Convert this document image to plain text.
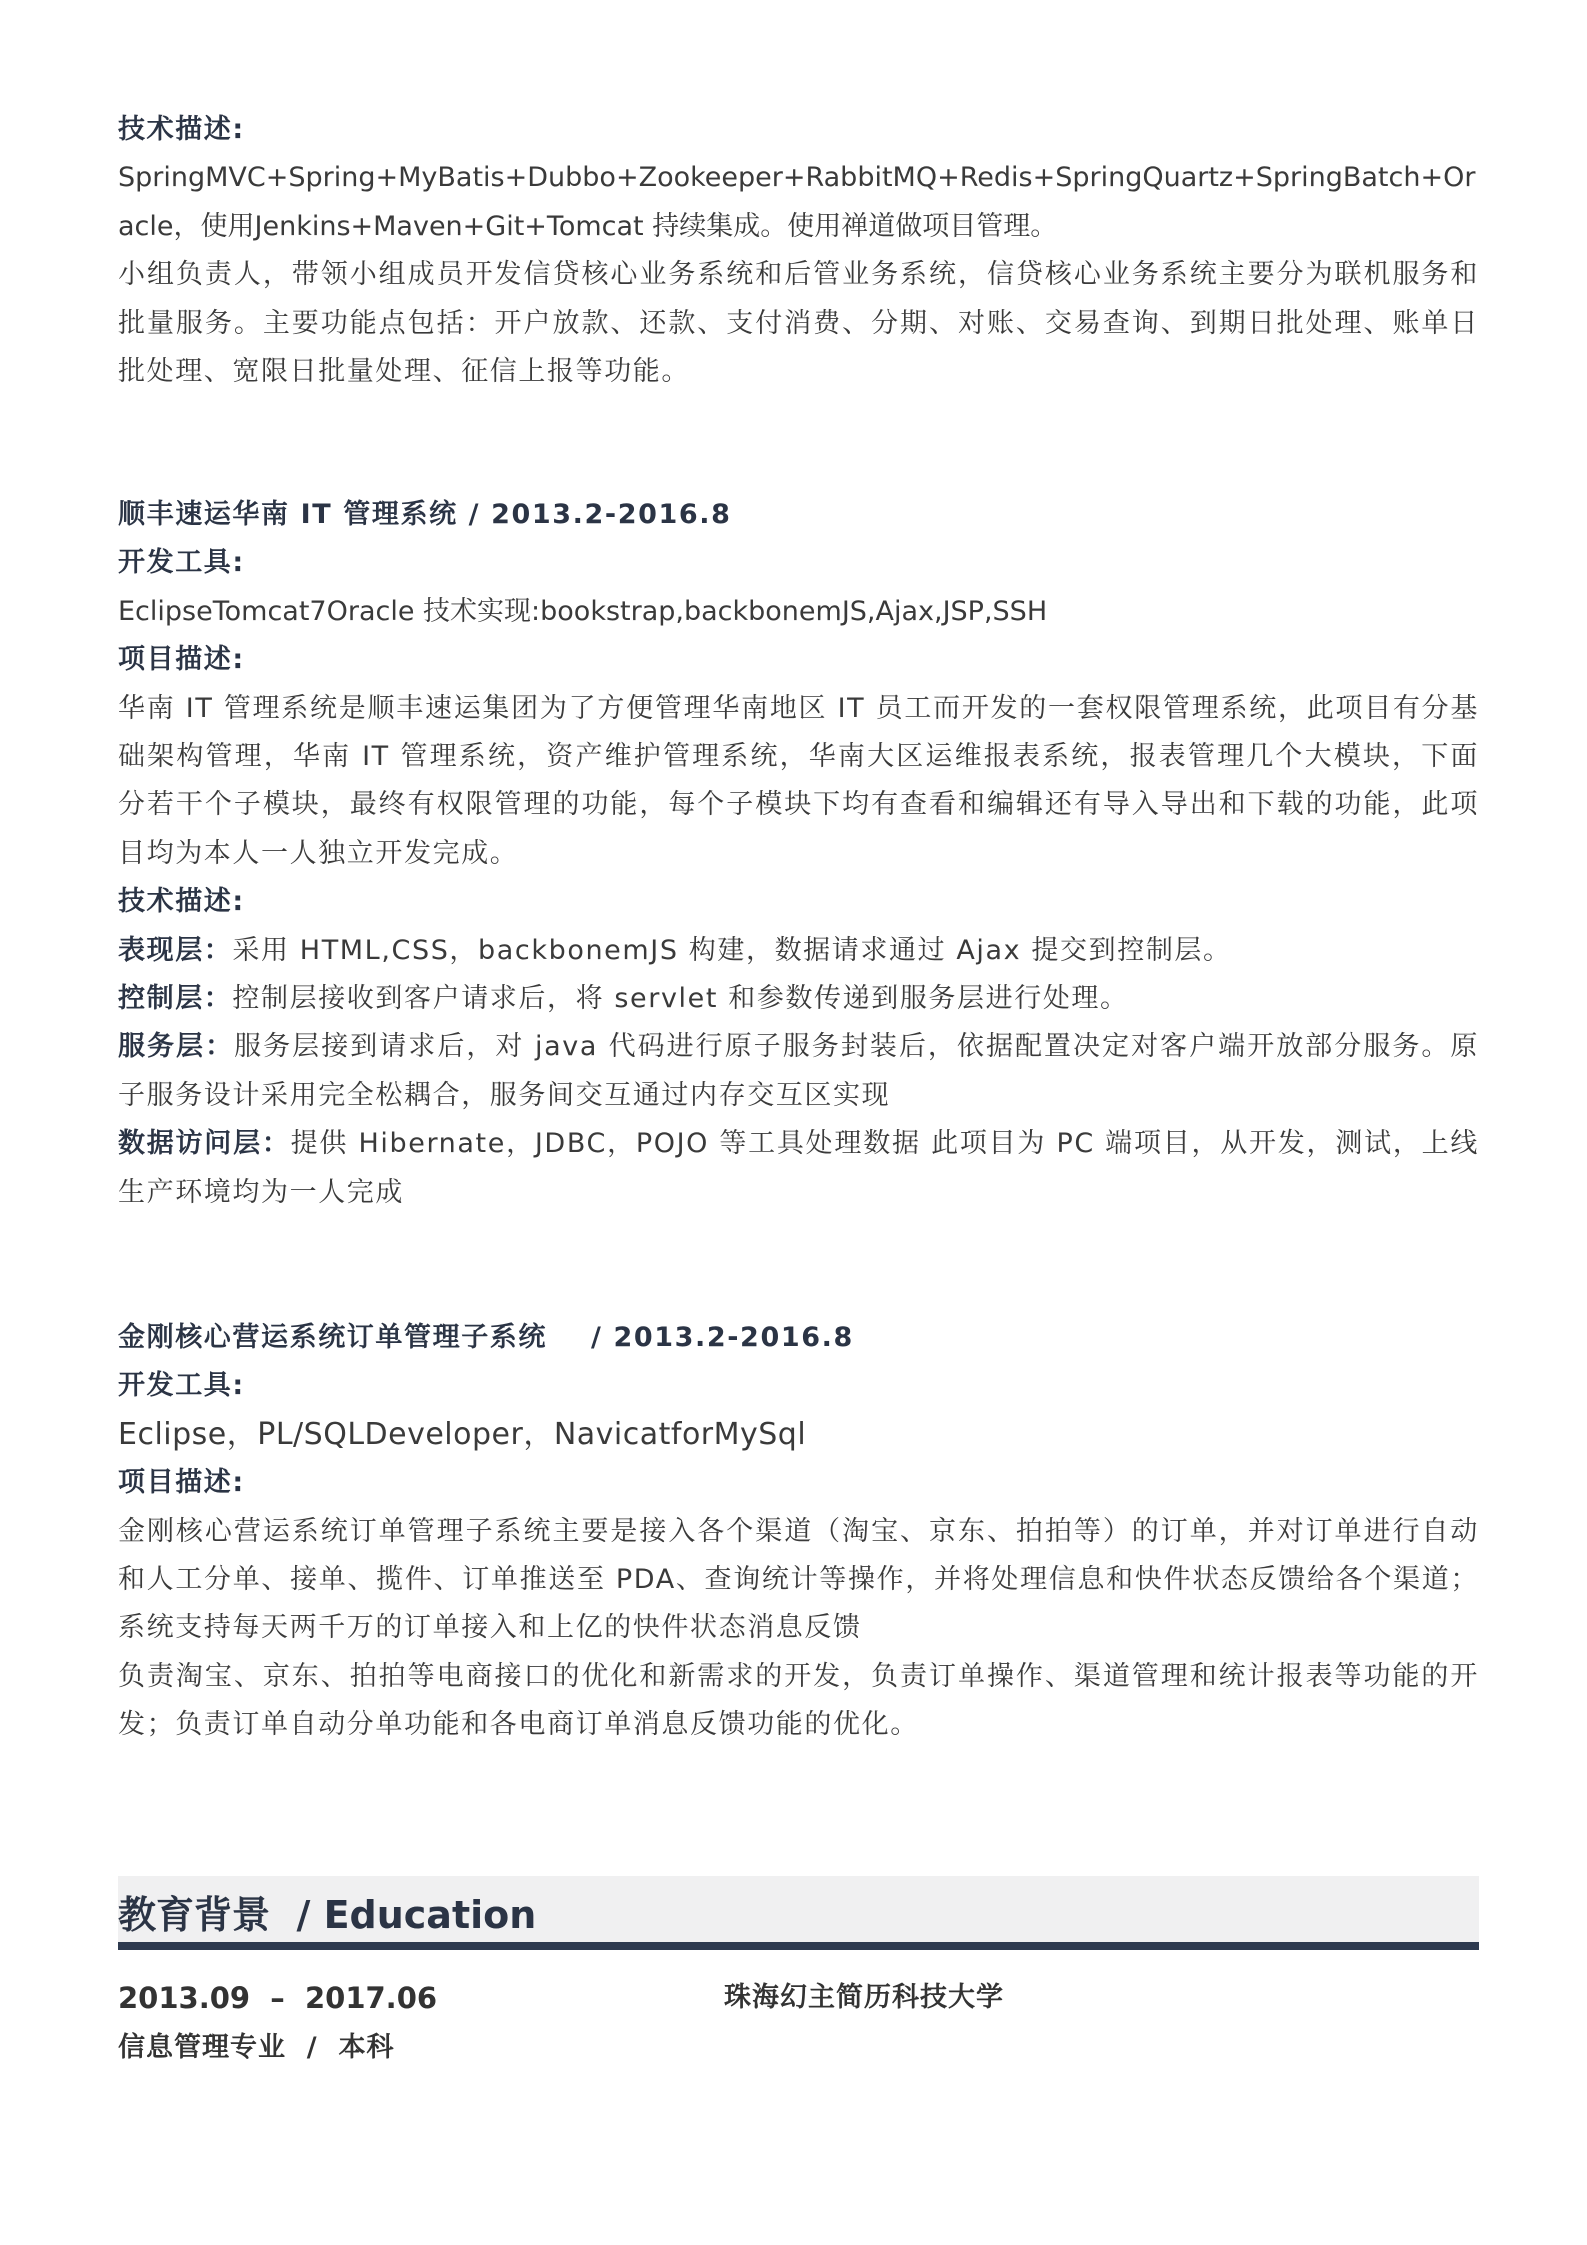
技术描述:

SpringMVC+Spring+MyBatis+Dubbo+Zookeeper+RabbitMQ+Redis+SpringQuartz+SpringBatch+Oracle，使用Jenkins+Maven+Git+Tomcat 持续集成。使用禅道做项目管理。

小组负责人，带领小组成员开发信贷核心业务系统和后管业务系统，信贷核心业务系统主要分为联机服务和批量服务。主要功能点包括：开户放款、还款、支付消费、分期、对账、交易查询、到期日批处理、账单日批处理、宽限日批量处理、征信上报等功能。

顺丰速运华南 IT 管理系统 / 2013.2-2016.8
开发工具:
EclipseTomcat7Oracle 技术实现:bookstrap,backbonemJS,Ajax,JSP,SSH
项目描述:

华南 IT 管理系统是顺丰速运集团为了方便管理华南地区 IT 员工而开发的一套权限管理系统，此项目有分基础架构管理，华南 IT 管理系统，资产维护管理系统，华南大区运维报表系统，报表管理几个大模块，下面分若干个子模块，最终有权限管理的功能，每个子模块下均有查看和编辑还有导入导出和下载的功能，此项目均为本人一人独立开发完成。

技术描述:

表现层：采用 HTML,CSS，backbonemJS 构建，数据请求通过 Ajax 提交到控制层。

控制层：控制层接收到客户请求后，将 servlet 和参数传递到服务层进行处理。

服务层：服务层接到请求后，对 java 代码进行原子服务封装后，依据配置决定对客户端开放部分服务。原子服务设计采用完全松耦合，服务间交互通过内存交互区实现

数据访问层：提供 Hibernate，JDBC，POJO 等工具处理数据 此项目为 PC 端项目，从开发，测试，上线生产环境均为一人完成

金刚核心营运系统订单管理子系统    / 2013.2-2016.8
开发工具:
Eclipse，PL/SQLDeveloper，NavicatforMySql
项目描述:

金刚核心营运系统订单管理子系统主要是接入各个渠道（淘宝、京东、拍拍等）的订单，并对订单进行自动和人工分单、接单、揽件、订单推送至 PDA、查询统计等操作，并将处理信息和快件状态反馈给各个渠道；系统支持每天两千万的订单接入和上亿的快件状态消息反馈

负责淘宝、京东、拍拍等电商接口的优化和新需求的开发，负责订单操作、渠道管理和统计报表等功能的开发；负责订单自动分单功能和各电商订单消息反馈功能的优化。

教育背景  / Education
2013.09  –  2017.06	珠海幻主简历科技大学
信息管理专业  /  本科
